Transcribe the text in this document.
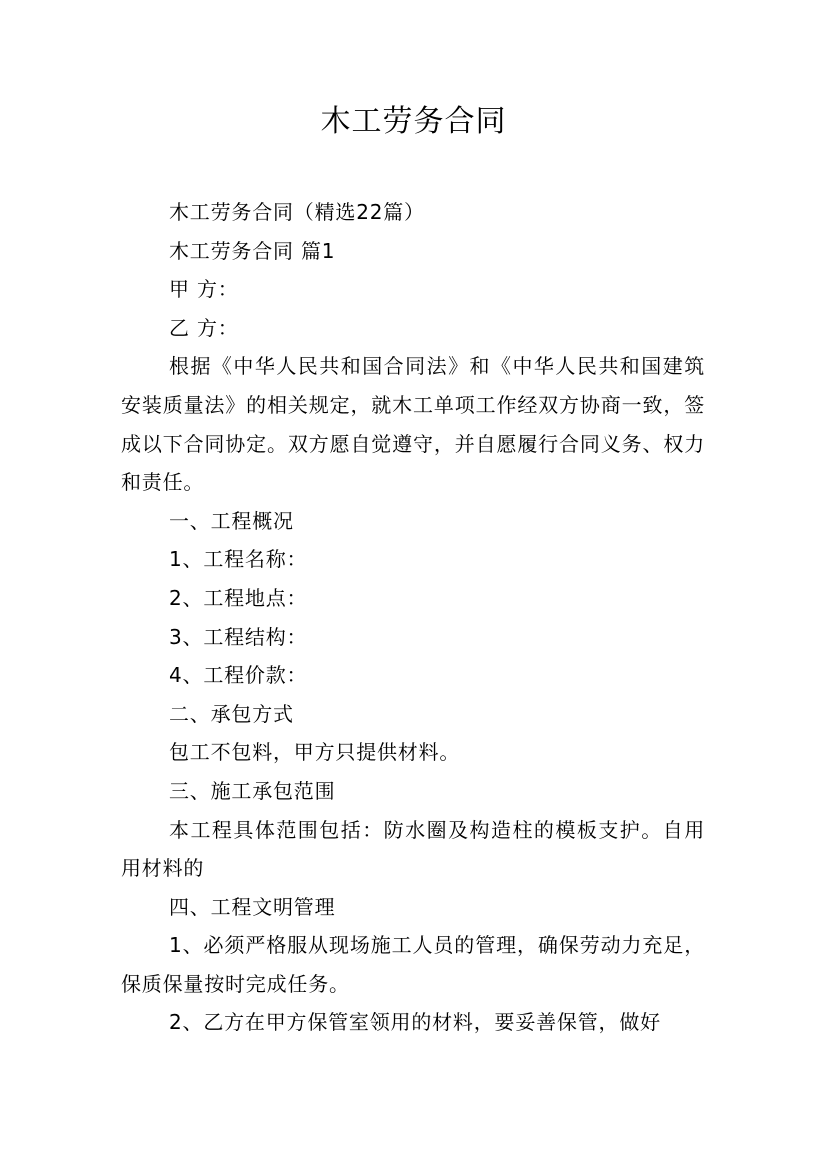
木工劳务合同

木工劳务合同（精选22篇）

木工劳务合同 篇1

甲 方：

乙 方：

根据《中华人民共和国合同法》和《中华人民共和国建筑安装质量法》的相关规定，就木工单项工作经双方协商一致，签成以下合同协定。双方愿自觉遵守，并自愿履行合同义务、权力和责任。

一、工程概况

1、工程名称：

2、工程地点：

3、工程结构：

4、工程价款：

二、承包方式

包工不包料，甲方只提供材料。

三、施工承包范围

本工程具体范围包括：防水圈及构造柱的模板支护。自用用材料的

四、工程文明管理

1、必须严格服从现场施工人员的管理，确保劳动力充足，保质保量按时完成任务。

2、乙方在甲方保管室领用的材料，要妥善保管，做好
